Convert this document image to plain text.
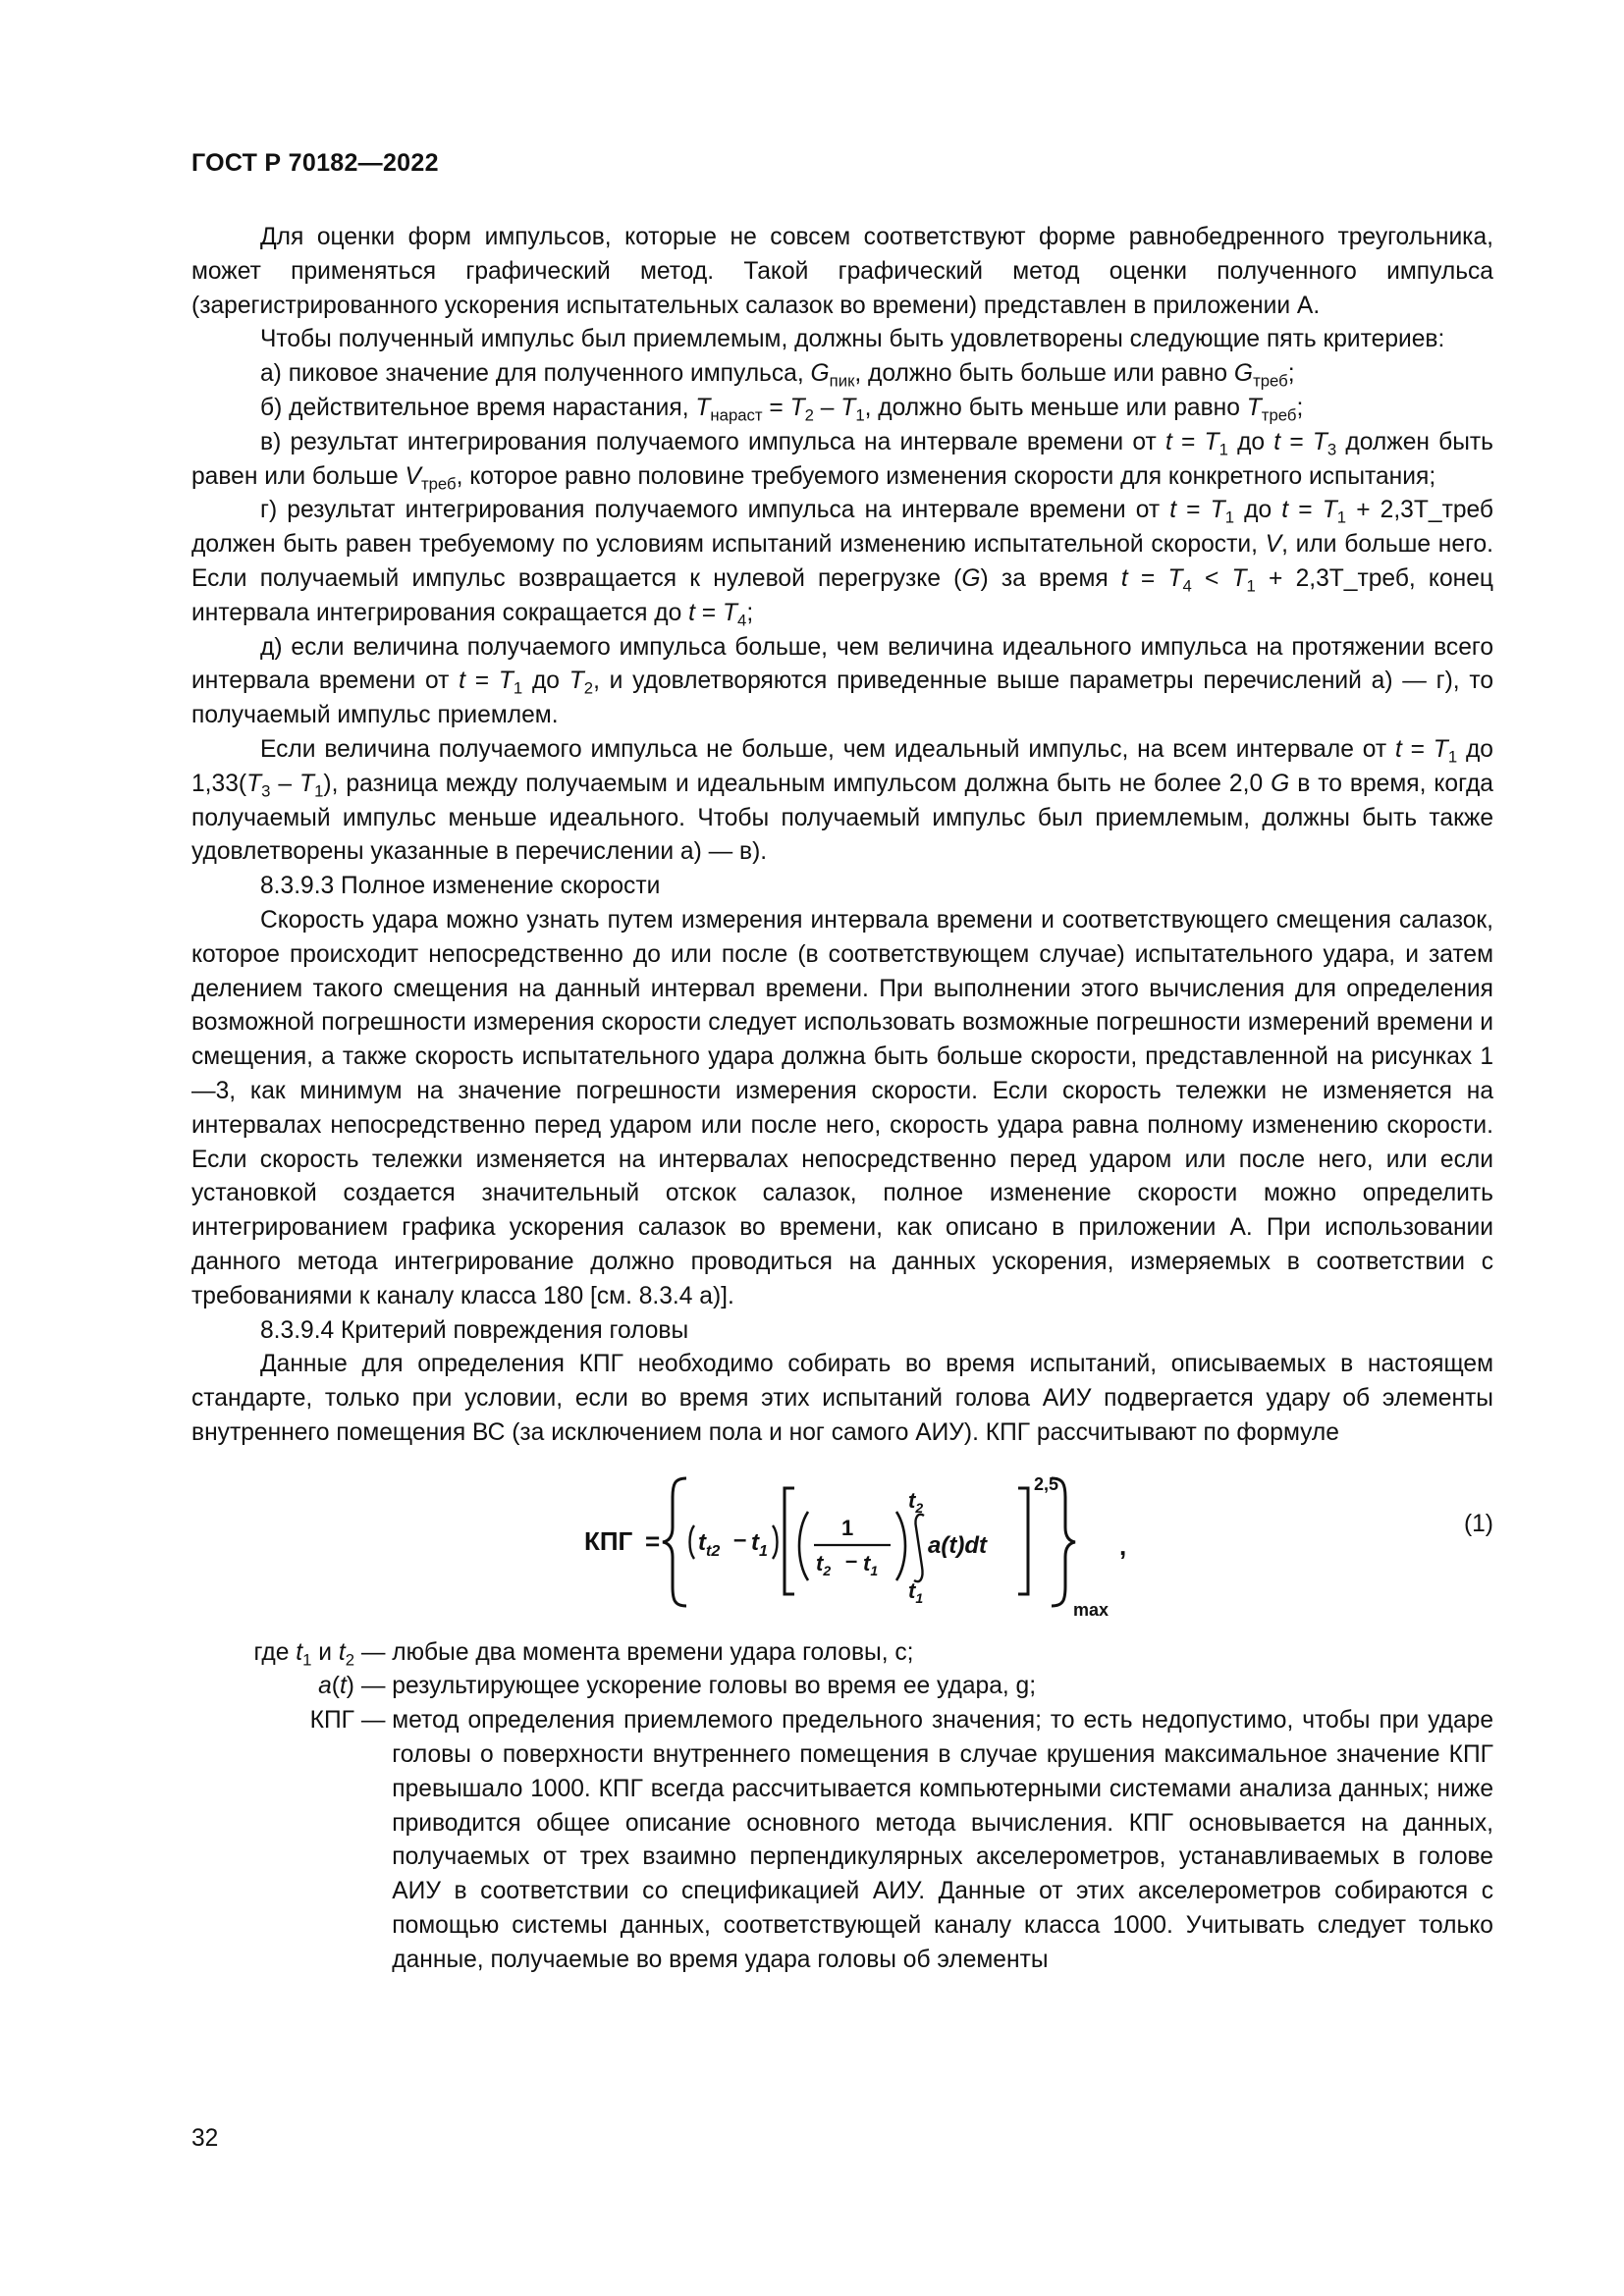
ГОСТ Р 70182—2022

Для оценки форм импульсов, которые не совсем соответствуют форме равнобедренного треугольника, может применяться графический метод. Такой графический метод оценки полученного импульса (зарегистрированного ускорения испытательных салазок во времени) представлен в приложении А.

Чтобы полученный импульс был приемлемым, должны быть удовлетворены следующие пять критериев:

а) пиковое значение для полученного импульса, $G_{пик}$, должно быть больше или равно $G_{треб}$;

б) действительное время нарастания, $T_{нараст} = T_2 - T_1$, должно быть меньше или равно $T_{треб}$;

в) результат интегрирования получаемого импульса на интервале времени от $t = T_1$ до $t = T_3$ должен быть равен или больше $V_{треб}$, которое равно половине требуемого изменения скорости для конкретного испытания;

г) результат интегрирования получаемого импульса на интервале времени от $t = T_1$ до $t = T_1$ + 2,3T_треб должен быть равен требуемому по условиям испытаний изменению испытательной скорости, V, или больше него. Если получаемый импульс возвращается к нулевой перегрузке (G) за время $t = T_4 < T_1$ + 2,3T_треб, конец интервала интегрирования сокращается до $t = T_4$;

д) если величина получаемого импульса больше, чем величина идеального импульса на протяжении всего интервала времени от $t = T_1$ до $T_2$, и удовлетворяются приведенные выше параметры перечислений а) — г), то получаемый импульс приемлем.

Если величина получаемого импульса не больше, чем идеальный импульс, на всем интервале от $t = T_1$ до $1,33(T_3 - T_1)$, разница между получаемым и идеальным импульсом должна быть не более 2,0 G в то время, когда получаемый импульс меньше идеального. Чтобы получаемый импульс был приемлемым, должны быть также удовлетворены указанные в перечислении а) — в).

8.3.9.3 Полное изменение скорости

Скорость удара можно узнать путем измерения интервала времени и соответствующего смещения салазок, которое происходит непосредственно до или после (в соответствующем случае) испытательного удара, и затем делением такого смещения на данный интервал времени. При выполнении этого вычисления для определения возможной погрешности измерения скорости следует использовать возможные погрешности измерений времени и смещения, а также скорость испытательного удара должна быть больше скорости, представленной на рисунках 1—3, как минимум на значение погрешности измерения скорости. Если скорость тележки не изменяется на интервалах непосредственно перед ударом или после него, скорость удара равна полному изменению скорости. Если скорость тележки изменяется на интервалах непосредственно перед ударом или после него, или если установкой создается значительный отскок салазок, полное изменение скорости можно определить интегрированием графика ускорения салазок во времени, как описано в приложении А. При использовании данного метода интегрирование должно проводиться на данных ускорения, измеряемых в соответствии с требованиями к каналу класса 180 [см. 8.3.4 а)].

8.3.9.4 Критерий повреждения головы

Данные для определения КПГ необходимо собирать во время испытаний, описываемых в настоящем стандарте, только при условии, если во время этих испытаний голова АИУ подвергается удару об элементы внутреннего помещения ВС (за исключением пола и ног самого АИУ). КПГ рассчитывают по формуле

КПГ = $t_{t2} - t_1$
1
$t_2 - t_1$
$t_2$
$t_1$
a(t)dt
2,5
max
,
(1)
где $t_1$ и $t_2$ — любые два момента времени удара головы, с;
a(t) — результирующее ускорение головы во время ее удара, g;
КПГ — метод определения приемлемого предельного значения; то есть недопустимо, чтобы при ударе головы о поверхности внутреннего помещения в случае крушения максимальное значение КПГ превышало 1000. КПГ всегда рассчитывается компьютерными системами анализа данных; ниже приводится общее описание основного метода вычисления. КПГ основывается на данных, получаемых от трех взаимно перпендикулярных акселерометров, устанавливаемых в голове АИУ в соответствии со спецификацией АИУ. Данные от этих акселерометров собираются с помощью системы данных, соответствующей каналу класса 1000. Учитывать следует только данные, получаемые во время удара головы об элементы
32
